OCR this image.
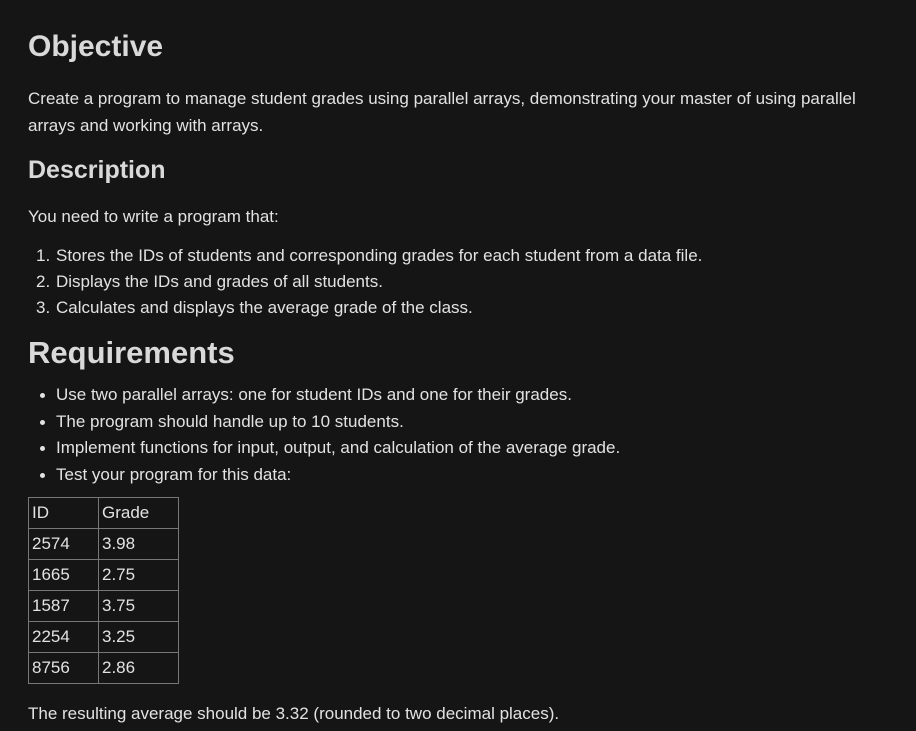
Objective

Create a program to manage student grades using parallel arrays, demonstrating your master of using parallel arrays and working with arrays.

Description

You need to write a program that:

1. Stores the IDs of students and corresponding grades for each student from a data file.
2. Displays the IDs and grades of all students.
3. Calculates and displays the average grade of the class.
Requirements
Use two parallel arrays: one for student IDs and one for their grades.
The program should handle up to 10 students.
Implement functions for input, output, and calculation of the average grade.
Test your program for this data:
ID	Grade
2574	3.98
1665	2.75
1587	3.75
2254	3.25
8756	2.86

The resulting average should be 3.32 (rounded to two decimal places).
